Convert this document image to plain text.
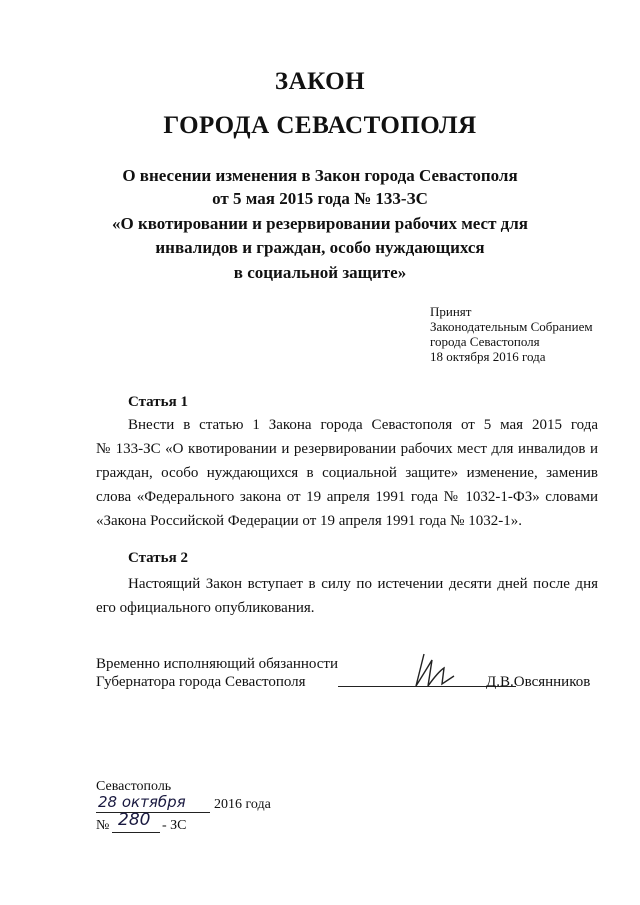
ЗАКОН
ГОРОДА СЕВАСТОПОЛЯ
О внесении изменения в Закон города Севастополя
от 5 мая 2015 года № 133-ЗС
«О квотировании и резервировании рабочих мест для
инвалидов и граждан, особо нуждающихся
в социальной защите»
Принят
Законодательным Собранием
города Севастополя
18 октября 2016 года
Статья 1
Внести в статью 1 Закона города Севастополя от 5 мая 2015 года
№ 133-ЗС «О квотировании и резервировании рабочих мест для инвалидов и
граждан, особо нуждающихся в социальной защите» изменение, заменив
слова «Федерального закона от 19 апреля 1991 года № 1032-1-ФЗ» словами
«Закона Российской Федерации от 19 апреля 1991 года № 1032-1».
Статья 2
Настоящий Закон вступает в силу по истечении десяти дней после дня
его официального опубликования.
Временно исполняющий обязанности
Губернатора города Севастополя	Д.В.Овсянников
Севастополь
28 октября 2016 года
№ 280 - ЗС
